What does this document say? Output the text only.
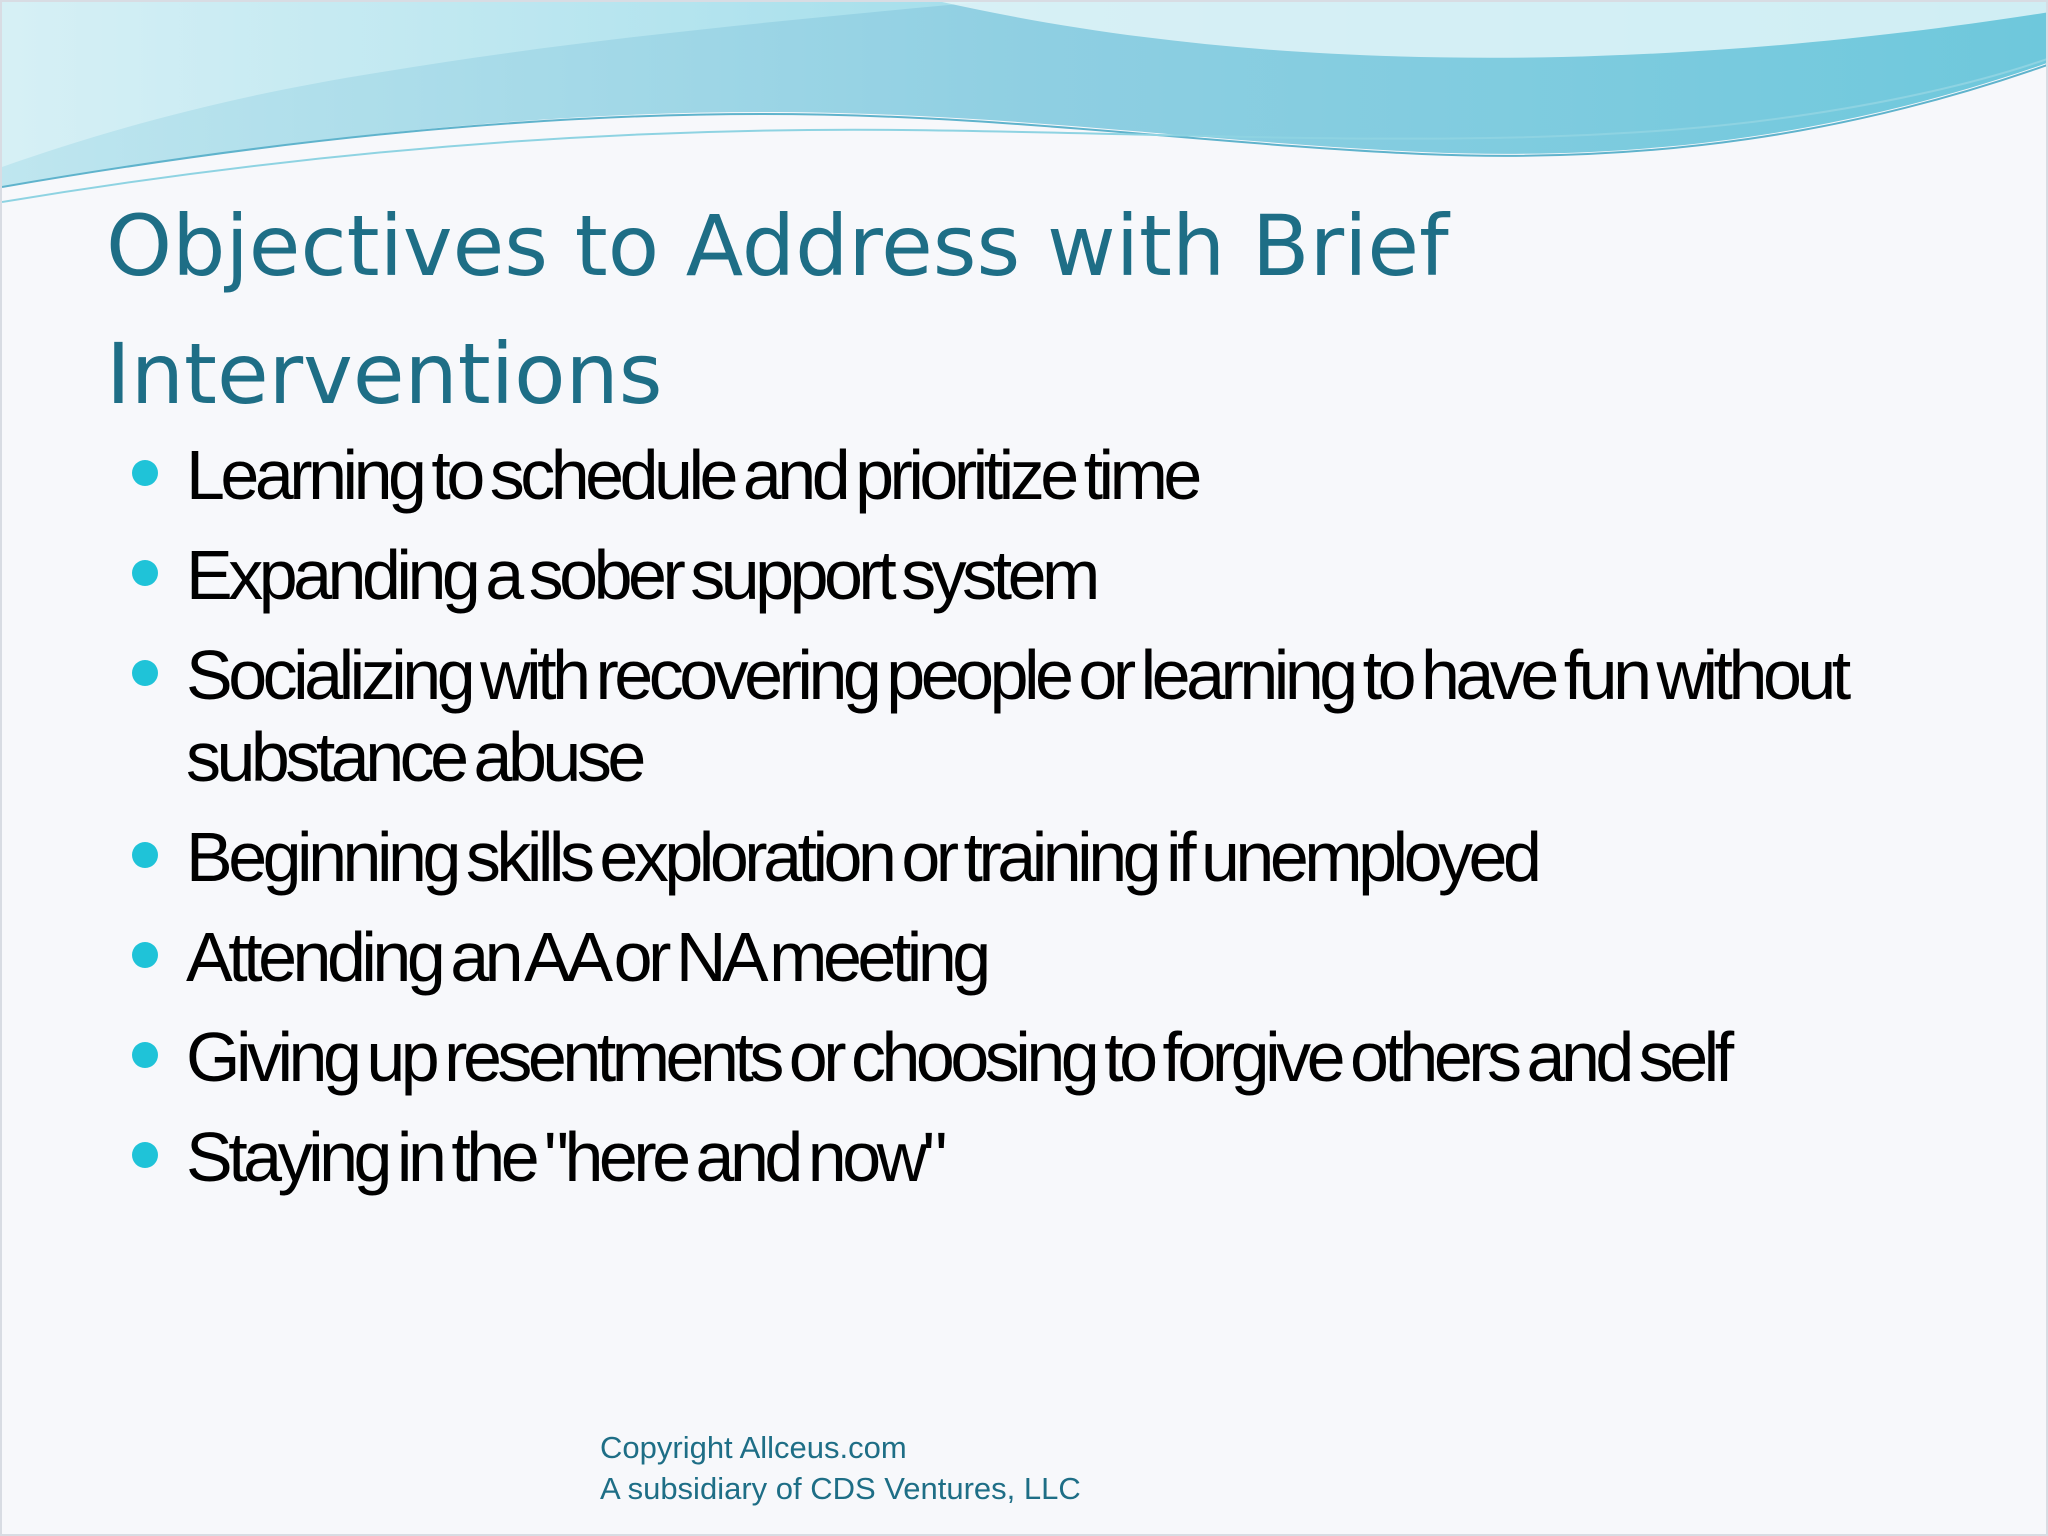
Objectives to Address with Brief Interventions
Learning to schedule and prioritize time
Expanding a sober support system
Socializing with recovering people or learning to have fun without substance abuse
Beginning skills exploration or training if unemployed
Attending an AA or NA meeting
Giving up resentments or choosing to forgive others and self
Staying in the "here and now"
Copyright Allceus.com
A subsidiary of CDS Ventures, LLC
